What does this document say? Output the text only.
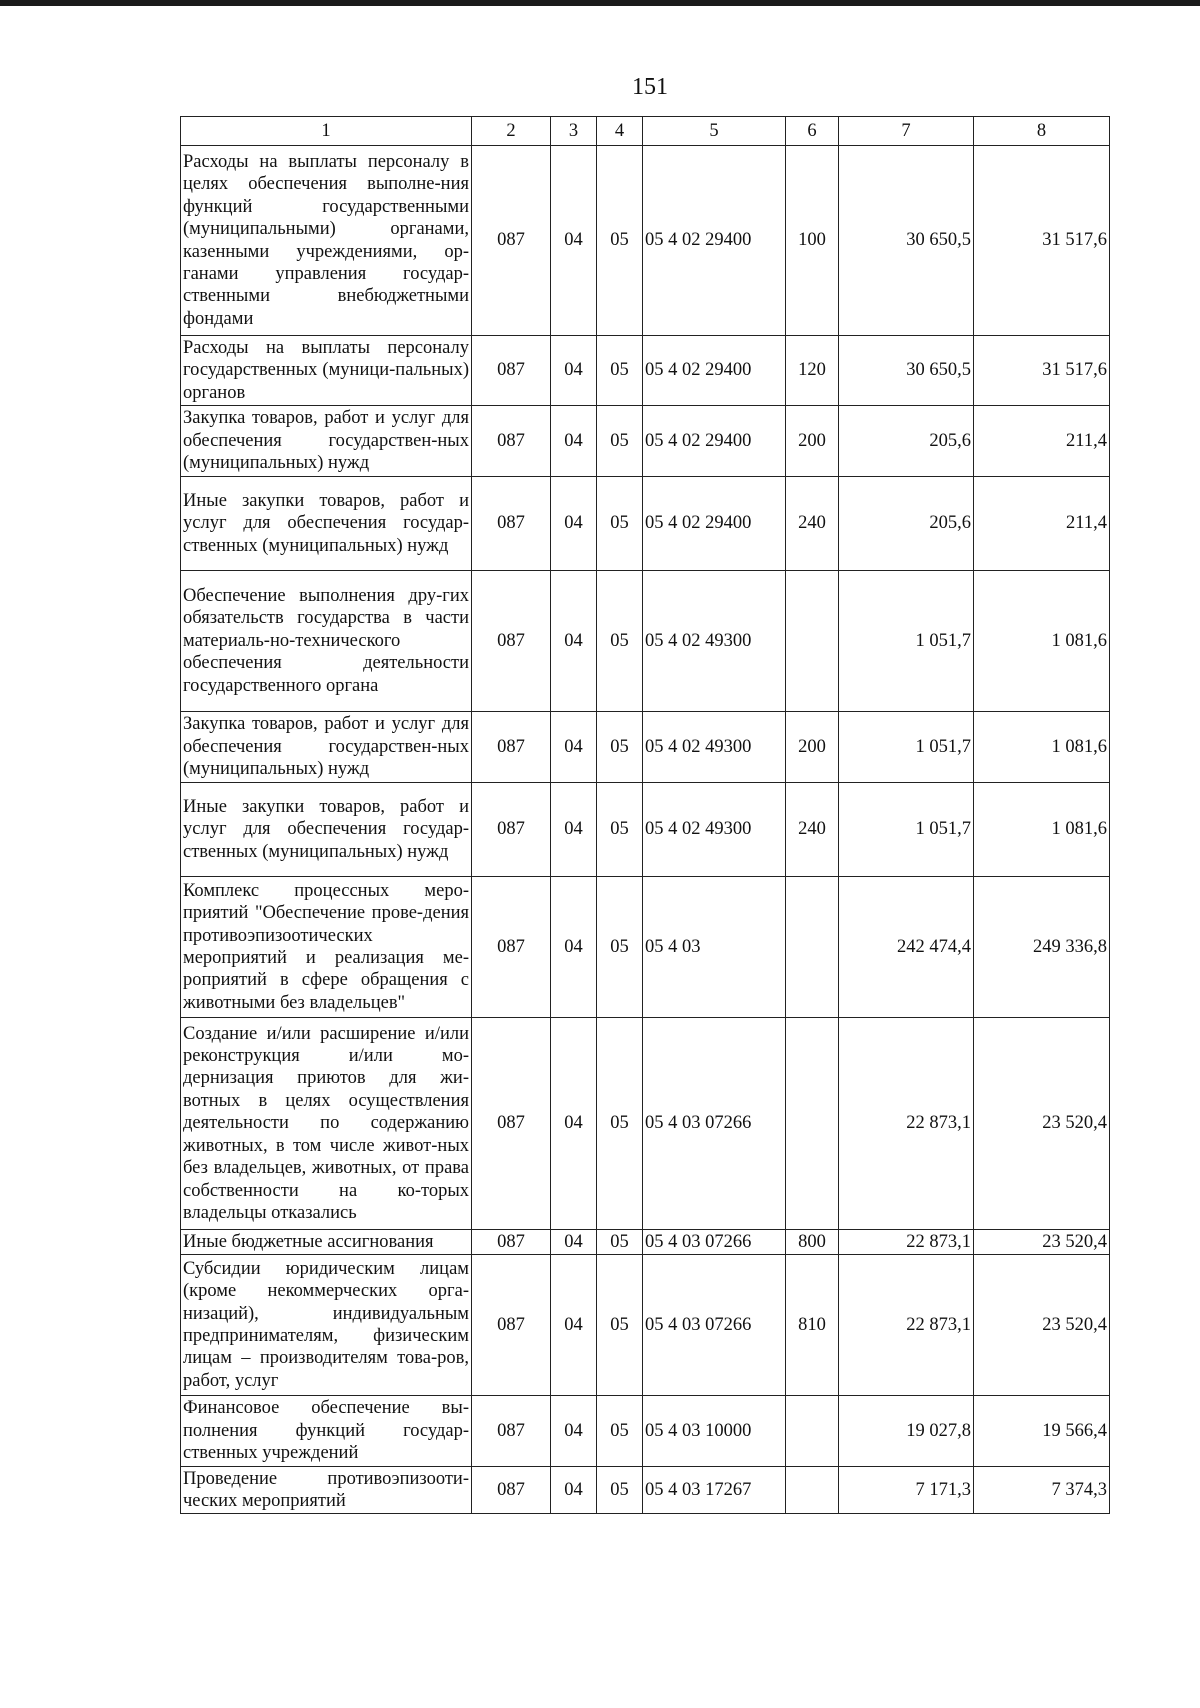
151
1	2	3	4	5	6	7	8
Расходы на выплаты персоналу в целях обеспечения выполне-ния функций государственными (муниципальными) органами, казенными учреждениями, ор-ганами управления государ-ственными внебюджетными фондами	087	04	05	05 4 02 29400	100	30 650,5	31 517,6
Расходы на выплаты персоналу государственных (муници-пальных) органов	087	04	05	05 4 02 29400	120	30 650,5	31 517,6
Закупка товаров, работ и услуг для обеспечения государствен-ных (муниципальных) нужд	087	04	05	05 4 02 29400	200	205,6	211,4
Иные закупки товаров, работ и услуг для обеспечения государ-ственных (муниципальных) нужд	087	04	05	05 4 02 29400	240	205,6	211,4
Обеспечение выполнения дру-гих обязательств государства в части материаль-но-технического обеспечения деятельности государственного органа	087	04	05	05 4 02 49300		1 051,7	1 081,6
Закупка товаров, работ и услуг для обеспечения государствен-ных (муниципальных) нужд	087	04	05	05 4 02 49300	200	1 051,7	1 081,6
Иные закупки товаров, работ и услуг для обеспечения государ-ственных (муниципальных) нужд	087	04	05	05 4 02 49300	240	1 051,7	1 081,6
Комплекс процессных меро-приятий "Обеспечение прове-дения противоэпизоотических мероприятий и реализация ме-роприятий в сфере обращения с животными без владельцев"	087	04	05	05 4 03		242 474,4	249 336,8
Создание и/или расширение и/или реконструкция и/или мо-дернизация приютов для жи-вотных в целях осуществления деятельности по содержанию животных, в том числе живот-ных без владельцев, животных, от права собственности на ко-торых владельцы отказались	087	04	05	05 4 03 07266		22 873,1	23 520,4
Иные бюджетные ассигнования	087	04	05	05 4 03 07266	800	22 873,1	23 520,4
Субсидии юридическим лицам (кроме некоммерческих орга-низаций), индивидуальным предпринимателям, физическим лицам – производителям това-ров, работ, услуг	087	04	05	05 4 03 07266	810	22 873,1	23 520,4
Финансовое обеспечение вы-полнения функций государ-ственных учреждений	087	04	05	05 4 03 10000		19 027,8	19 566,4
Проведение противоэпизооти-ческих мероприятий	087	04	05	05 4 03 17267		7 171,3	7 374,3
